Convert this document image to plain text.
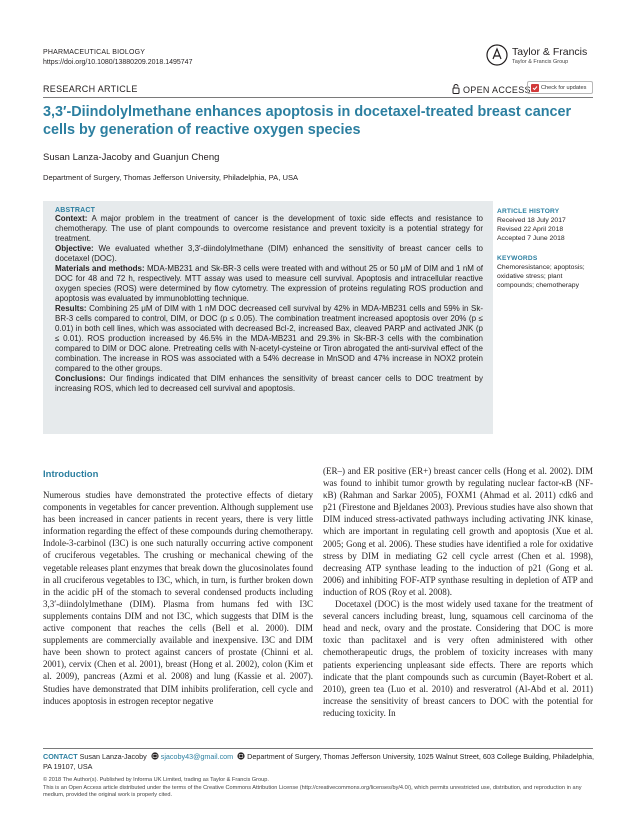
PHARMACEUTICAL BIOLOGY
https://doi.org/10.1080/13880209.2018.1495747
Taylor & Francis
Taylor & Francis Group
RESEARCH ARTICLE	OPEN ACCESS	Check for updates
3,3′-Diindolylmethane enhances apoptosis in docetaxel-treated breast cancer cells by generation of reactive oxygen species
Susan Lanza-Jacoby and Guanjun Cheng
Department of Surgery, Thomas Jefferson University, Philadelphia, PA, USA
ABSTRACT

Context: A major problem in the treatment of cancer is the development of toxic side effects and resistance to chemotherapy. The use of plant compounds to overcome resistance and prevent toxicity is a potential strategy for treatment.

Objective: We evaluated whether 3,3′-diindolylmethane (DIM) enhanced the sensitivity of breast cancer cells to docetaxel (DOC).

Materials and methods: MDA-MB231 and Sk-BR-3 cells were treated with and without 25 or 50 μM of DIM and 1 nM of DOC for 48 and 72 h, respectively. MTT assay was used to measure cell survival. Apoptosis and intracellular reactive oxygen species (ROS) were determined by flow cytometry. The expression of proteins regulating ROS production and apoptosis was evaluated by immunoblotting technique.

Results: Combining 25 μM of DIM with 1 nM DOC decreased cell survival by 42% in MDA-MB231 cells and 59% in Sk-BR-3 cells compared to control, DIM, or DOC (p ≤ 0.05). The combination treatment increased apoptosis over 20% (p ≤ 0.01) in both cell lines, which was associated with decreased Bcl-2, increased Bax, cleaved PARP and activated JNK (p ≤ 0.01). ROS production increased by 46.5% in the MDA-MB231 and 29.3% in Sk-BR-3 cells with the combination compared to DIM or DOC alone. Pretreating cells with N-acetyl-cysteine or Tiron abrogated the anti-survival effect of the combination. The increase in ROS was associated with a 54% decrease in MnSOD and 47% increase in NOX2 protein compared to the other groups.

Conclusions: Our findings indicated that DIM enhances the sensitivity of breast cancer cells to DOC treatment by increasing ROS, which led to decreased cell survival and apoptosis.

ARTICLE HISTORY
Received 18 July 2017
Revised 22 April 2018
Accepted 7 June 2018
KEYWORDS
Chemoresistance; apoptosis; oxidative stress; plant compounds; chemotherapy
Introduction

Numerous studies have demonstrated the protective effects of dietary components in vegetables for cancer prevention. Although supplement use has been increased in cancer patients in recent years, there is very little information regarding the effect of these compounds during chemotherapy. Indole-3-carbinol (I3C) is one such naturally occurring active component of cruciferous vegetables. The crushing or mechanical chewing of the vegetable releases plant enzymes that break down the glucosinolates found in all cruciferous vegetables to I3C, which, in turn, is further broken down in the acidic pH of the stomach to several condensed products including 3,3′-diindolylmethane (DIM). Plasma from humans fed with I3C supplements contains DIM and not I3C, which suggests that DIM is the active component that reaches the cells (Bell et al. 2000). DIM supplements are commercially available and inexpensive. I3C and DIM have been shown to protect against cancers of prostate (Chinni et al. 2001), cervix (Chen et al. 2001), breast (Hong et al. 2002), colon (Kim et al. 2009), pancreas (Azmi et al. 2008) and lung (Kassie et al. 2007). Studies have demonstrated that DIM inhibits proliferation, cell cycle and induces apoptosis in estrogen receptor negative

(ER–) and ER positive (ER+) breast cancer cells (Hong et al. 2002). DIM was found to inhibit tumor growth by regulating nuclear factor-κB (NF-κB) (Rahman and Sarkar 2005), FOXM1 (Ahmad et al. 2011) cdk6 and p21 (Firestone and Bjeldanes 2003). Previous studies have also shown that DIM induced stress-activated pathways including activating JNK kinase, which are important in regulating cell growth and apoptosis (Xue et al. 2005; Gong et al. 2006). These studies have identified a role for oxidative stress by DIM in mediating G2 cell cycle arrest (Chen et al. 1998), decreasing ATP synthase leading to the induction of p21 (Gong et al. 2006) and inhibiting FOF-ATP synthase resulting in depletion of ATP and induction of ROS (Roy et al. 2008).

Docetaxel (DOC) is the most widely used taxane for the treatment of several cancers including breast, lung, squamous cell carcinoma of the head and neck, ovary and the prostate. Considering that DOC is more toxic than paclitaxel and is very often administered with other chemotherapeutic drugs, the problem of toxicity increases with many patients experiencing unpleasant side effects. There are reports which indicate that the plant compounds such as curcumin (Bayet-Robert et al. 2010), green tea (Luo et al. 2010) and resveratrol (Al-Abd et al. 2011) increase the sensitivity of breast cancers to DOC with the potential for reducing toxicity. In

CONTACT Susan Lanza-Jacoby sjacoby43@gmail.com Department of Surgery, Thomas Jefferson University, 1025 Walnut Street, 603 College Building, Philadelphia, PA 19107, USA
© 2018 The Author(s). Published by Informa UK Limited, trading as Taylor & Francis Group.
This is an Open Access article distributed under the terms of the Creative Commons Attribution License (http://creativecommons.org/licenses/by/4.0/), which permits unrestricted use, distribution, and reproduction in any medium, provided the original work is properly cited.
